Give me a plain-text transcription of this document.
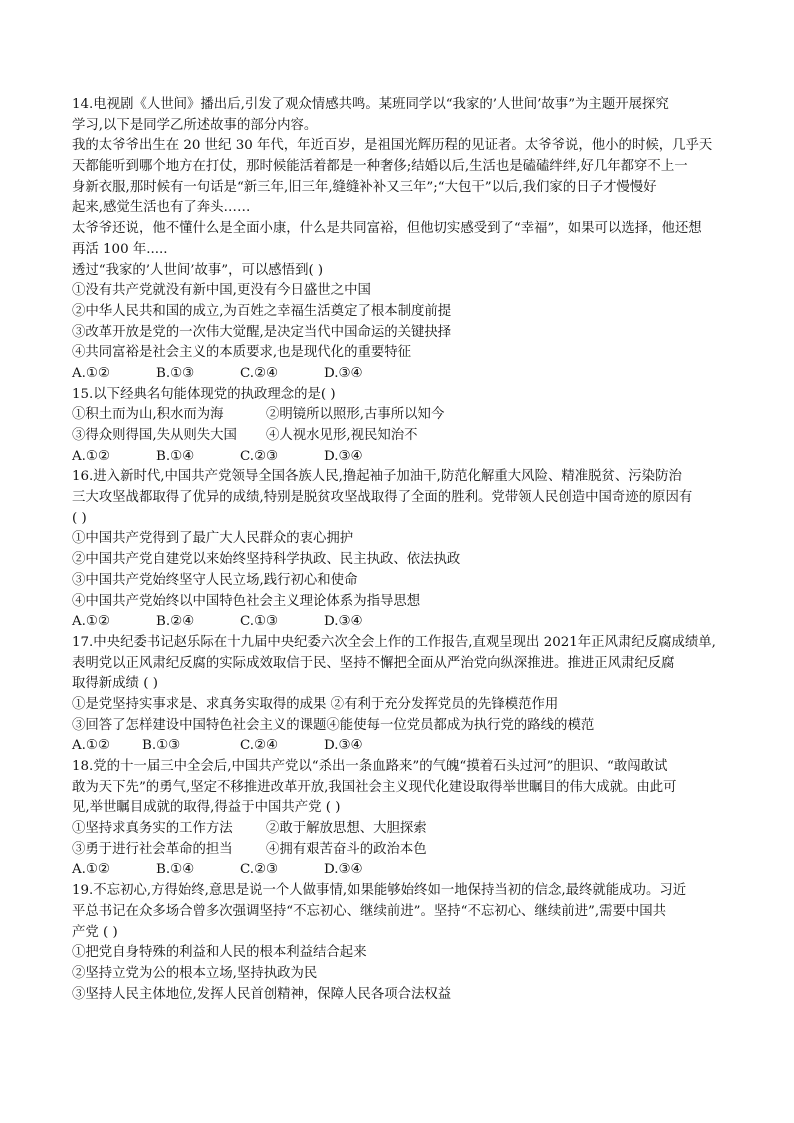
14.电视剧《人世间》播出后,引发了观众情感共鸣。某班同学以“我家的’人世间’故事”为主题开展探究
学习,以下是同学乙所述故事的部分内容。
我的太爷爷出生在 20 世纪 30 年代，年近百岁，是祖国光辉历程的见证者。太爷爷说，他小的时候，几乎天
天都能听到哪个地方在打仗，那时候能活着都是一种奢侈;结婚以后,生活也是磕磕绊绊,好几年都穿不上一
身新衣服,那时候有一句话是“新三年,旧三年,缝缝补补又三年”;“大包干”以后,我们家的日子才慢慢好
起来,感觉生活也有了奔头……
太爷爷还说，他不懂什么是全面小康，什么是共同富裕，但他切实感受到了“幸福”，如果可以选择，他还想
再活 100 年.....
透过“我家的’人世间’故事”，可以感悟到( )
①没有共产党就没有新中国,更没有今日盛世之中国
②中华人民共和国的成立,为百姓之幸福生活奠定了根本制度前提
③改革开放是党的一次伟大觉醒,是决定当代中国命运的关键抉择
④共同富裕是社会主义的本质要求,也是现代化的重要特征
A.①②	B.①③	C.②④	D.③④
15.以下经典名句能体现党的执政理念的是( )
①积土而为山,积水而为海	②明镜所以照形,古事所以知今
③得众则得国,失从则失大国	④人视水见形,视民知治不
A.①②	B.①④	C.②③	D.③④
16.进入新时代,中国共产党领导全国各族人民,撸起袖子加油干,防范化解重大风险、精准脱贫、污染防治
三大攻坚战都取得了优异的成绩,特别是脱贫攻坚战取得了全面的胜利。党带领人民创造中国奇迹的原因有
( )
①中国共产党得到了最广大人民群众的衷心拥护
②中国共产党自建党以来始终坚持科学执政、民主执政、依法执政
③中国共产党始终坚守人民立场,践行初心和使命
④中国共产党始终以中国特色社会主义理论体系为指导思想
A.①②	B.②④	C.①③	D.③④
17.中央纪委书记赵乐际在十九届中央纪委六次全会上作的工作报告,直观呈现出 2021年正风肃纪反腐成绩单,
表明党以正风肃纪反腐的实际成效取信于民、坚持不懈把全面从严治党向纵深推进。推进正风肃纪反腐
取得新成绩 ( )
①是党坚持实事求是、求真务实取得的成果 ②有利于充分发挥党员的先锋模范作用
③回答了怎样建设中国特色社会主义的课题④能使每一位党员都成为执行党的路线的模范
A.①②	B.①③	C.②④	D.③④
18.党的十一届三中全会后,中国共产党以“杀出一条血路来”的气魄“摸着石头过河”的胆识、“敢闯敢试
敢为天下先”的勇气,坚定不移推进改革开放,我国社会主义现代化建设取得举世瞩目的伟大成就。由此可
见,举世瞩目成就的取得,得益于中国共产党 ( )
①坚持求真务实的工作方法	②敢于解放思想、大胆探索
③勇于进行社会革命的担当	④拥有艰苦奋斗的政治本色
A.①②	B.①④	C.②③	D.③④
19.不忘初心,方得始终,意思是说一个人做事情,如果能够始终如一地保持当初的信念,最终就能成功。习近
平总书记在众多场合曾多次强调坚持“不忘初心、继续前进”。坚持“不忘初心、继续前进”,需要中国共
产党 ( )
①把党自身特殊的利益和人民的根本利益结合起来
②坚持立党为公的根本立场,坚持执政为民
③坚持人民主体地位,发挥人民首创精神，保障人民各项合法权益
